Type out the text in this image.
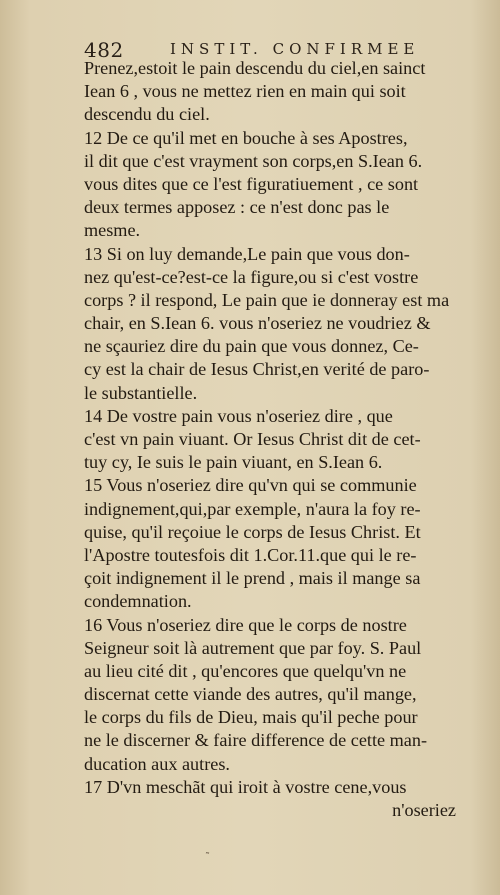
482	INSTIT. CONFIRMEE
Prenez,estoit le pain descendu du ciel,en sainct
Iean 6 , vous ne mettez rien en main qui soit
descendu du ciel.
12 De ce qu'il met en bouche à ses Apostres,
il dit que c'est vrayment son corps,en S.Iean 6.
vous dites que ce l'est figuratiuement , ce sont
deux termes apposez : ce n'est donc pas le
mesme.
13 Si on luy demande,Le pain que vous don-
nez qu'est-ce?est-ce la figure,ou si c'est vostre
corps ? il respond, Le pain que ie donneray est ma
chair, en S.Iean 6. vous n'oseriez ne voudriez &
ne sçauriez dire du pain que vous donnez, Ce-
cy est la chair de Iesus Christ,en verité de paro-
le substantielle.
14 De vostre pain vous n'oseriez dire , que
c'est vn pain viuant. Or Iesus Christ dit de cet-
tuy cy, Ie suis le pain viuant, en S.Iean 6.
15 Vous n'oseriez dire qu'vn qui se communie
indignement,qui,par exemple, n'aura la foy re-
quise, qu'il reçoiue le corps de Iesus Christ. Et
l'Apostre toutesfois dit 1.Cor.11.que qui le re-
çoit indignement il le prend , mais il mange sa
condemnation.
16 Vous n'oseriez dire que le corps de nostre
Seigneur soit là autrement que par foy. S. Paul
au lieu cité dit , qu'encores que quelqu'vn ne
discernat cette viande des autres, qu'il mange,
le corps du fils de Dieu, mais qu'il peche pour
ne le discerner & faire difference de cette man-
ducation aux autres.
17 D'vn meschãt qui iroit à vostre cene,vous
n'oseriez
˜
